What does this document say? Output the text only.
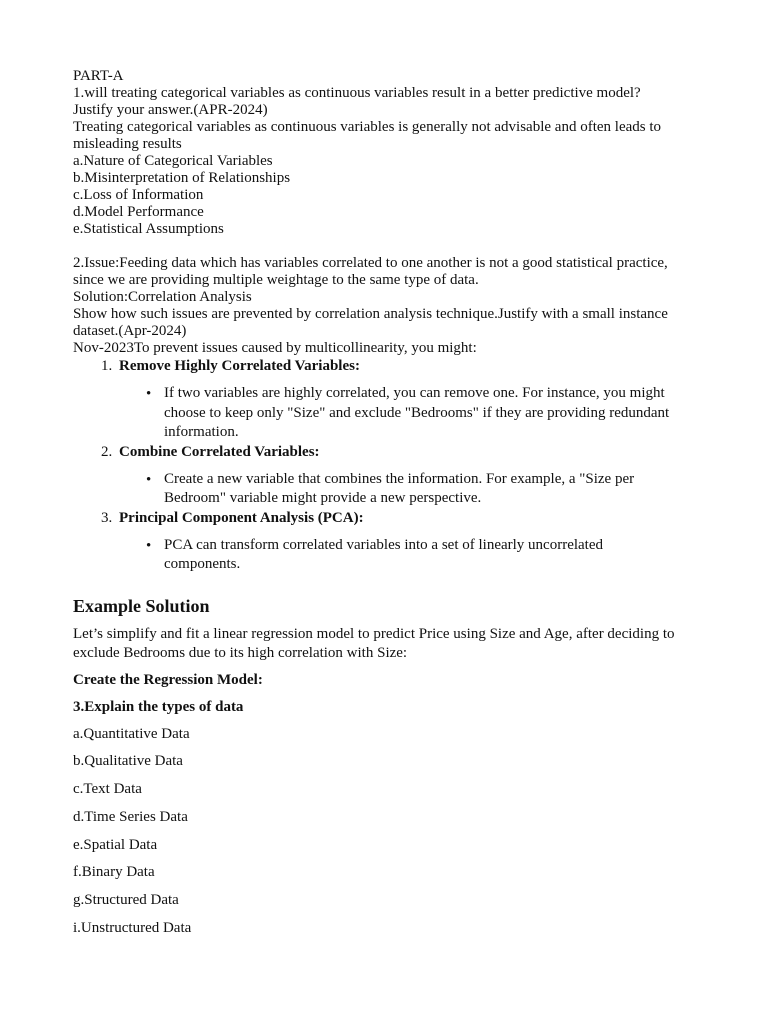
PART-A

1.will treating categorical variables as continuous variables result in a better predictive model?

Justify your answer.(APR-2024)

Treating categorical variables as continuous variables is generally not advisable and often leads to

misleading results

a.Nature of Categorical Variables

b.Misinterpretation of Relationships

c.Loss of Information

d.Model Performance

e.Statistical Assumptions

2.Issue:Feeding data which has variables correlated to one another is not a good statistical practice,

since we are providing multiple weightage to the same type of data.

Solution:Correlation Analysis

Show how such issues are prevented by correlation analysis technique.Justify with a small instance

dataset.(Apr-2024)

Nov-2023To prevent issues caused by multicollinearity, you might:

1. Remove Highly Correlated Variables:

• If two variables are highly correlated, you can remove one. For instance, you might

choose to keep only "Size" and exclude "Bedrooms" if they are providing redundant

information.

2. Combine Correlated Variables:

• Create a new variable that combines the information. For example, a "Size per

Bedroom" variable might provide a new perspective.

3. Principal Component Analysis (PCA):

• PCA can transform correlated variables into a set of linearly uncorrelated

components.

Example Solution

Let’s simplify and fit a linear regression model to predict Price using Size and Age, after deciding to

exclude Bedrooms due to its high correlation with Size:

Create the Regression Model:

3.Explain the types of data

a.Quantitative Data

b.Qualitative Data

c.Text Data

d.Time Series Data

e.Spatial Data

f.Binary Data

g.Structured Data

i.Unstructured Data
